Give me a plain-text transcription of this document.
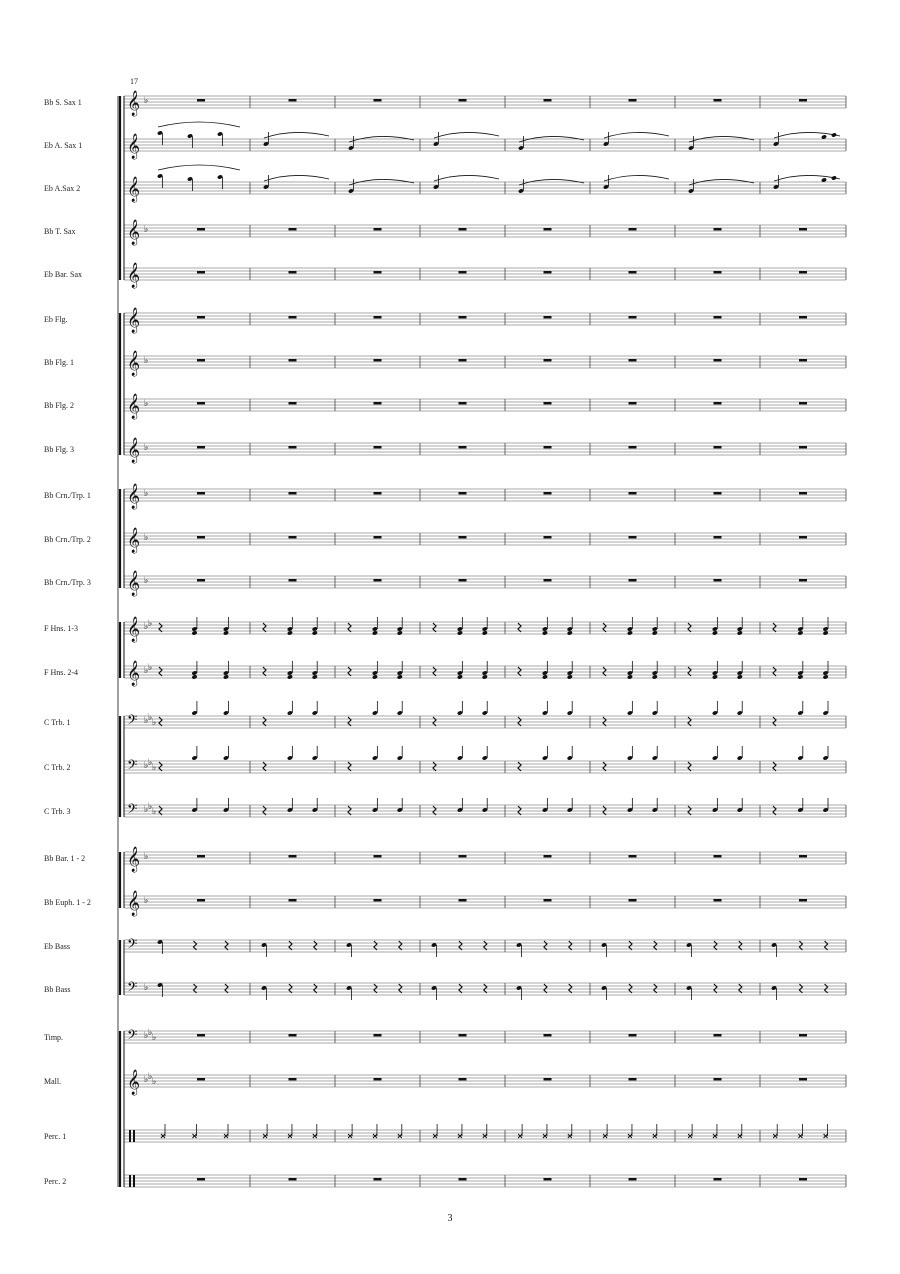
17
Bb S. Sax 1
Eb A. Sax 1
Eb A.Sax 2
Bb T. Sax
Eb Bar. Sax
Eb Flg.
Bb Flg. 1
Bb Flg. 2
Bb Flg. 3
Bb Crn./Trp. 1
Bb Crn./Trp. 2
Bb Crn./Trp. 3
F Hns. 1-3
F Hns. 2-4
C Trb. 1
C Trb. 2
C Trb. 3
Bb Bar. 1 - 2
Bb Euph. 1 - 2
Eb Bass
Bb Bass
Timp.
Mall.
Perc. 1
Perc. 2
𝄞 ♭
𝄞
𝄞
𝄞 ♭
𝄞
𝄞
𝄞 ♭
𝄞 ♭
𝄞 ♭
𝄞 ♭
𝄞 ♭
𝄞 ♭
𝄞 ♭ ♭
𝄞 ♭ ♭
𝄢 ♭ ♭ ♭
𝄢 ♭ ♭ ♭
𝄢 ♭ ♭ ♭
𝄞 ♭
𝄞 ♭
𝄢
𝄢 ♭
𝄢 ♭ ♭ ♭
𝄞 ♭ ♭ ♭
3
